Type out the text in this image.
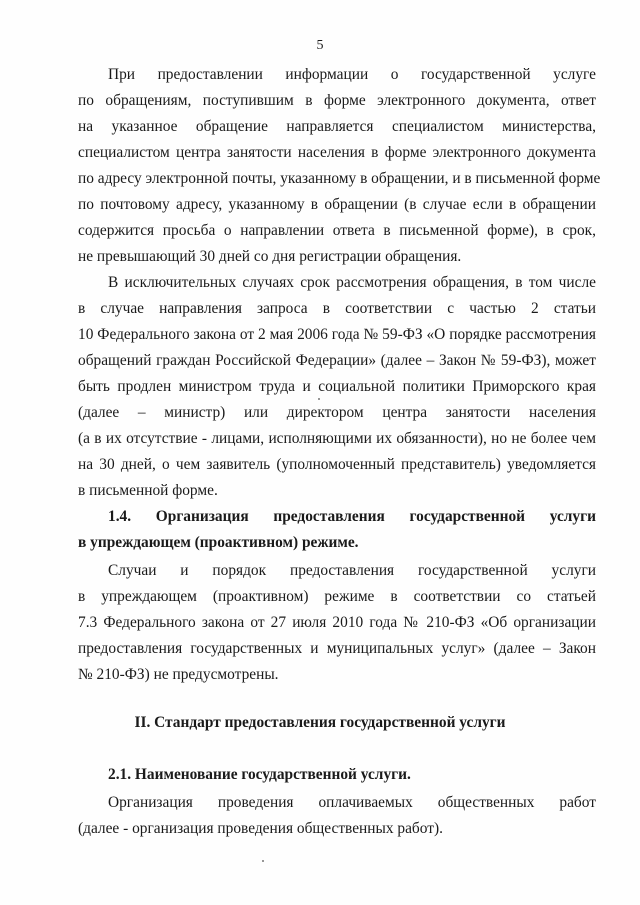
5
При предоставлении информации о государственной услуге
по обращениям, поступившим в форме электронного документа, ответ
на указанное обращение направляется специалистом министерства,
специалистом центра занятости населения в форме электронного документа
по адресу электронной почты, указанному в обращении, и в письменной форме
по почтовому адресу, указанному в обращении (в случае если в обращении
содержится просьба о направлении ответа в письменной форме), в срок,
не превышающий 30 дней со дня регистрации обращения.
В исключительных случаях срок рассмотрения обращения, в том числе
в случае направления запроса в соответствии с частью 2 статьи
10 Федерального закона от 2 мая 2006 года № 59-ФЗ «О порядке рассмотрения
обращений граждан Российской Федерации» (далее – Закон № 59-ФЗ), может
быть продлен министром труда и социальной политики Приморского края
(далее – министр) или директором центра занятости населения
(а в их отсутствие - лицами, исполняющими их обязанности), но не более чем
на 30 дней, о чем заявитель (уполномоченный представитель) уведомляется
в письменной форме.
1.4. Организация предоставления государственной услуги
в упреждающем (проактивном) режиме.
Случаи и порядок предоставления государственной услуги
в упреждающем (проактивном) режиме в соответствии со статьей
7.3 Федерального закона от 27 июля 2010 года № 210-ФЗ «Об организации
предоставления государственных и муниципальных услуг» (далее – Закон
№ 210-ФЗ) не предусмотрены.
II. Стандарт предоставления государственной услуги
2.1. Наименование государственной услуги.
Организация проведения оплачиваемых общественных работ
(далее - организация проведения общественных работ).
